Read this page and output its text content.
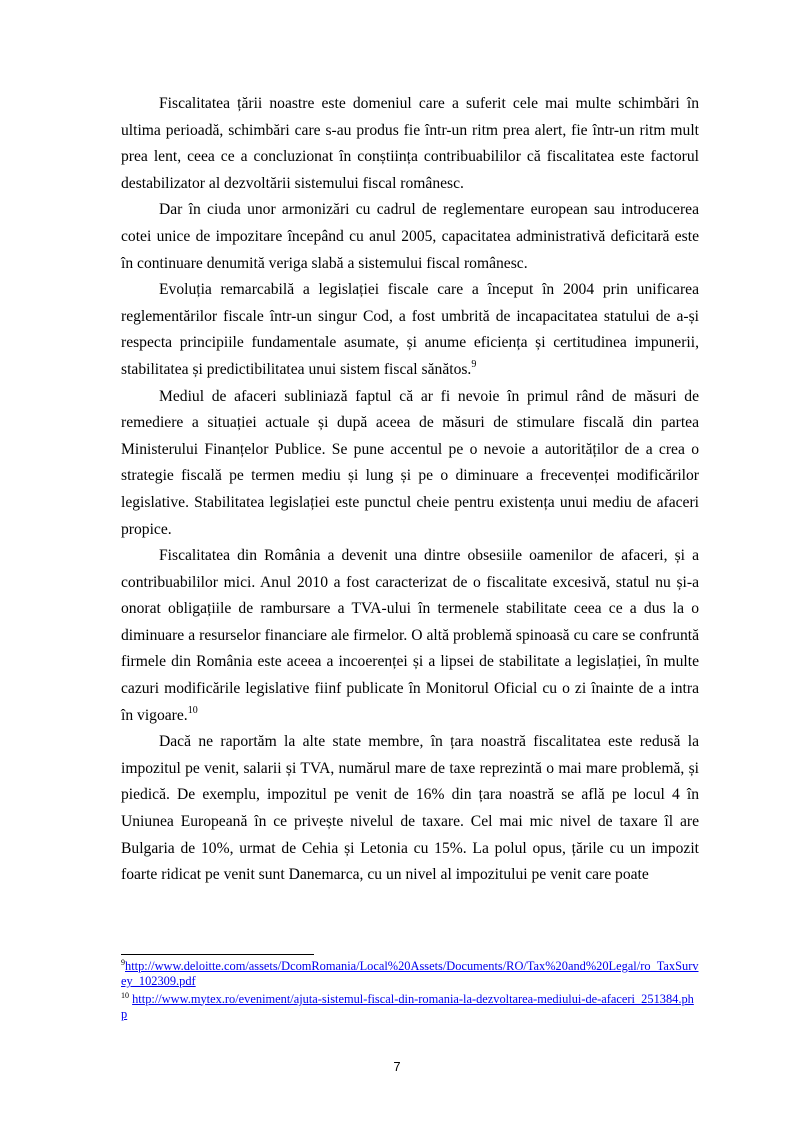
Fiscalitatea țării noastre este domeniul care a suferit cele mai multe schimbări în ultima perioadă, schimbări care s-au produs fie într-un ritm prea alert, fie într-un ritm mult prea lent, ceea ce a concluzionat în conștiința contribuabililor că fiscalitatea este factorul destabilizator al dezvoltării sistemului fiscal românesc.

Dar în ciuda unor armonizări cu cadrul de reglementare european sau introducerea cotei unice de impozitare începând cu anul 2005, capacitatea administrativă deficitară este în continuare denumită veriga slabă a sistemului fiscal românesc.

Evoluția remarcabilă a legislației fiscale care a început în 2004 prin unificarea reglementărilor fiscale într-un singur Cod, a fost umbrită de incapacitatea statului de a-și respecta principiile fundamentale asumate, și anume eficiența și certitudinea impunerii, stabilitatea și predictibilitatea unui sistem fiscal sănătos.$^9$

Mediul de afaceri subliniază faptul că ar fi nevoie în primul rând de măsuri de remediere a situației actuale și după aceea de măsuri de stimulare fiscală din partea Ministerului Finanțelor Publice. Se pune accentul pe o nevoie a autorităților de a crea o strategie fiscală pe termen mediu și lung și pe o diminuare a frecevenței modificărilor legislative. Stabilitatea legislației este punctul cheie pentru existența unui mediu de afaceri propice.

Fiscalitatea din România a devenit una dintre obsesiile oamenilor de afaceri, și a contribuabililor mici. Anul 2010 a fost caracterizat de o fiscalitate excesivă, statul nu și-a onorat obligațiile de rambursare a TVA-ului în termenele stabilitate ceea ce a dus la o diminuare a resurselor financiare ale firmelor. O altă problemă spinoasă cu care se confruntă firmele din România este aceea a incoerenței și a lipsei de stabilitate a legislației, în multe cazuri modificările legislative fiinf publicate în Monitorul Oficial cu o zi înainte de a intra în vigoare.$^{10}$

Dacă ne raportăm la alte state membre, în țara noastră fiscalitatea este redusă la impozitul pe venit, salarii și TVA, numărul mare de taxe reprezintă o mai mare problemă, și piedică. De exemplu, impozitul pe venit de 16% din țara noastră se află pe locul 4 în Uniunea Europeană în ce privește nivelul de taxare. Cel mai mic nivel de taxare îl are Bulgaria de 10%, urmat de Cehia și Letonia cu 15%. La polul opus, țările cu un impozit foarte ridicat pe venit sunt Danemarca, cu un nivel al impozitului pe venit care poate

$^9$http://www.deloitte.com/assets/DcomRomania/Local%20Assets/Documents/RO/Tax%20and%20Legal/ro_TaxSurvey_102309.pdf

$^{10}$ http://www.mytex.ro/eveniment/ajuta-sistemul-fiscal-din-romania-la-dezvoltarea-mediului-de-afaceri_251384.php

7
